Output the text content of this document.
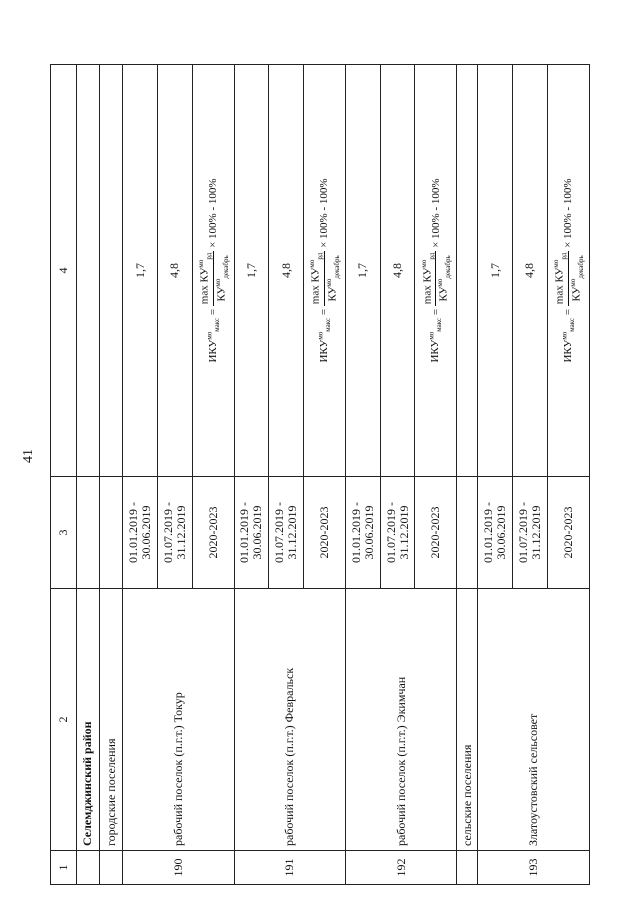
41
1	2	3	4
	Селемджинский район		
	городские поселения		
190	рабочий поселок (п.г.т.) Токур	01.01.2019 - 30.06.2019	1,7
		01.07.2019 - 31.12.2019	4,8
		2020-2023	$ИКУ^{мо}_{макс}$ =
$\max КУ^{мо}_{рд}$
$КУ^{мо}_{декабрь}$
× 100% - 100%
191	рабочий поселок (п.г.т.) Февральск	01.01.2019 - 30.06.2019	1,7
		01.07.2019 - 31.12.2019	4,8
		2020-2023	$ИКУ^{мо}_{макс}$ =
$\max КУ^{мо}_{рд}$
$КУ^{мо}_{декабрь}$
× 100% - 100%
192	рабочий поселок (п.г.т.) Экимчан	01.01.2019 - 30.06.2019	1,7
		01.07.2019 - 31.12.2019	4,8
		2020-2023	$ИКУ^{мо}_{макс}$ =
$\max КУ^{мо}_{рд}$
$КУ^{мо}_{декабрь}$
× 100% - 100%
	сельские поселения		
193	Златоустовский сельсовет	01.01.2019 - 30.06.2019	1,7
		01.07.2019 - 31.12.2019	4,8
		2020-2023	$ИКУ^{мо}_{макс}$ =
$\max КУ^{мо}_{рд}$
$КУ^{мо}_{декабрь}$
× 100% - 100%
